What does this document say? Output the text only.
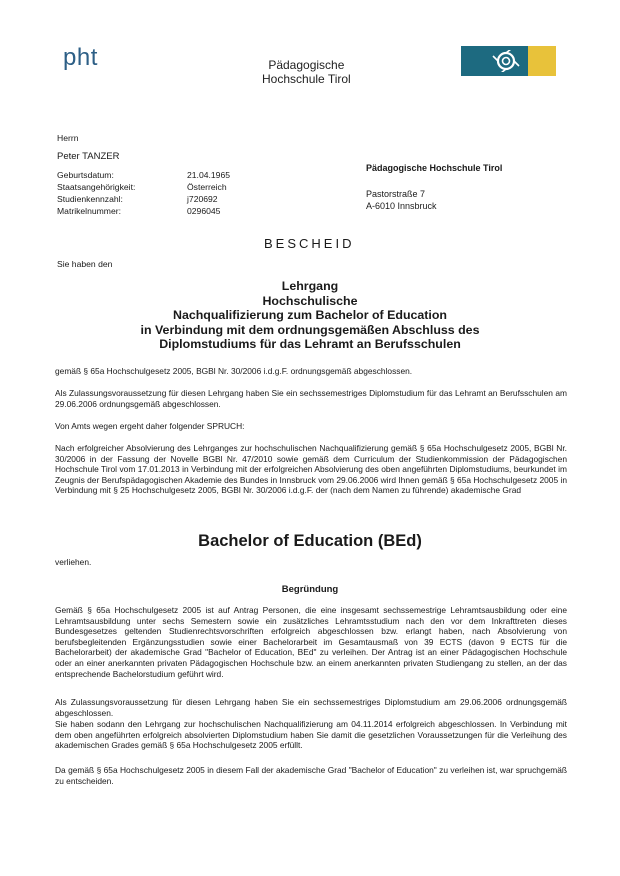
pht	Pädagogische
Hochschule Tirol
Herrn
Peter TANZER
Geburtsdatum:	21.04.1965
Staatsangehörigkeit:	Österreich
Studienkennzahl:	j720692
Matrikelnummer:	0296045
Pädagogische Hochschule Tirol
Pastorstraße 7
A-6010 Innsbruck
BESCHEID
Sie haben den
Lehrgang
Hochschulische
Nachqualifizierung zum Bachelor of Education
in Verbindung mit dem ordnungsgemäßen Abschluss des
Diplomstudiums für das Lehramt an Berufsschulen
gemäß § 65a Hochschulgesetz 2005, BGBl Nr. 30/2006 i.d.g.F. ordnungsgemäß abgeschlossen.
Als Zulassungsvoraussetzung für diesen Lehrgang haben Sie ein sechssemestriges Diplomstudium für das Lehramt an Berufsschulen am 29.06.2006 ordnungsgemäß abgeschlossen.
Von Amts wegen ergeht daher folgender SPRUCH:
Nach erfolgreicher Absolvierung des Lehrganges zur hochschulischen Nachqualifizierung gemäß § 65a Hochschulgesetz 2005, BGBl Nr. 30/2006 in der Fassung der Novelle BGBl Nr. 47/2010 sowie gemäß dem Curriculum der Studienkommission der Pädagogischen Hochschule Tirol vom 17.01.2013 in Verbindung mit der erfolgreichen Absolvierung des oben angeführten Diplomstudiums, beurkundet im Zeugnis der Berufspädagogischen Akademie des Bundes in Innsbruck vom 29.06.2006 wird Ihnen gemäß § 65a Hochschulgesetz 2005 in Verbindung mit § 25 Hochschulgesetz 2005, BGBl Nr. 30/2006 i.d.g.F. der (nach dem Namen zu führende) akademische Grad
Bachelor of Education (BEd)
verliehen.
Begründung
Gemäß § 65a Hochschulgesetz 2005 ist auf Antrag Personen, die eine insgesamt sechssemestrige Lehramtsausbildung oder eine Lehramtsausbildung unter sechs Semestern sowie ein zusätzliches Lehramtsstudium nach den vor dem Inkrafttreten dieses Bundesgesetzes geltenden Studienrechtsvorschriften erfolgreich abgeschlossen bzw. erlangt haben, nach Absolvierung von berufsbegleitenden Ergänzungsstudien sowie einer Bachelorarbeit im Gesamtausmaß von 39 ECTS (davon 9 ECTS für die Bachelorarbeit) der akademische Grad "Bachelor of Education, BEd" zu verleihen. Der Antrag ist an einer Pädagogischen Hochschule oder an einer anerkannten privaten Pädagogischen Hochschule bzw. an einem anerkannten privaten Studiengang zu stellen, an der das entsprechende Bachelorstudium geführt wird.
Als Zulassungsvoraussetzung für diesen Lehrgang haben Sie ein sechssemestriges Diplomstudium am 29.06.2006 ordnungsgemäß abgeschlossen.
Sie haben sodann den Lehrgang zur hochschulischen Nachqualifizierung am 04.11.2014 erfolgreich abgeschlossen. In Verbindung mit dem oben angeführten erfolgreich absolvierten Diplomstudium haben Sie damit die gesetzlichen Voraussetzungen für die Verleihung des akademischen Grades gemäß § 65a Hochschulgesetz 2005 erfüllt.
Da gemäß § 65a Hochschulgesetz 2005 in diesem Fall der akademische Grad "Bachelor of Education" zu verleihen ist, war spruchgemäß zu entscheiden.
